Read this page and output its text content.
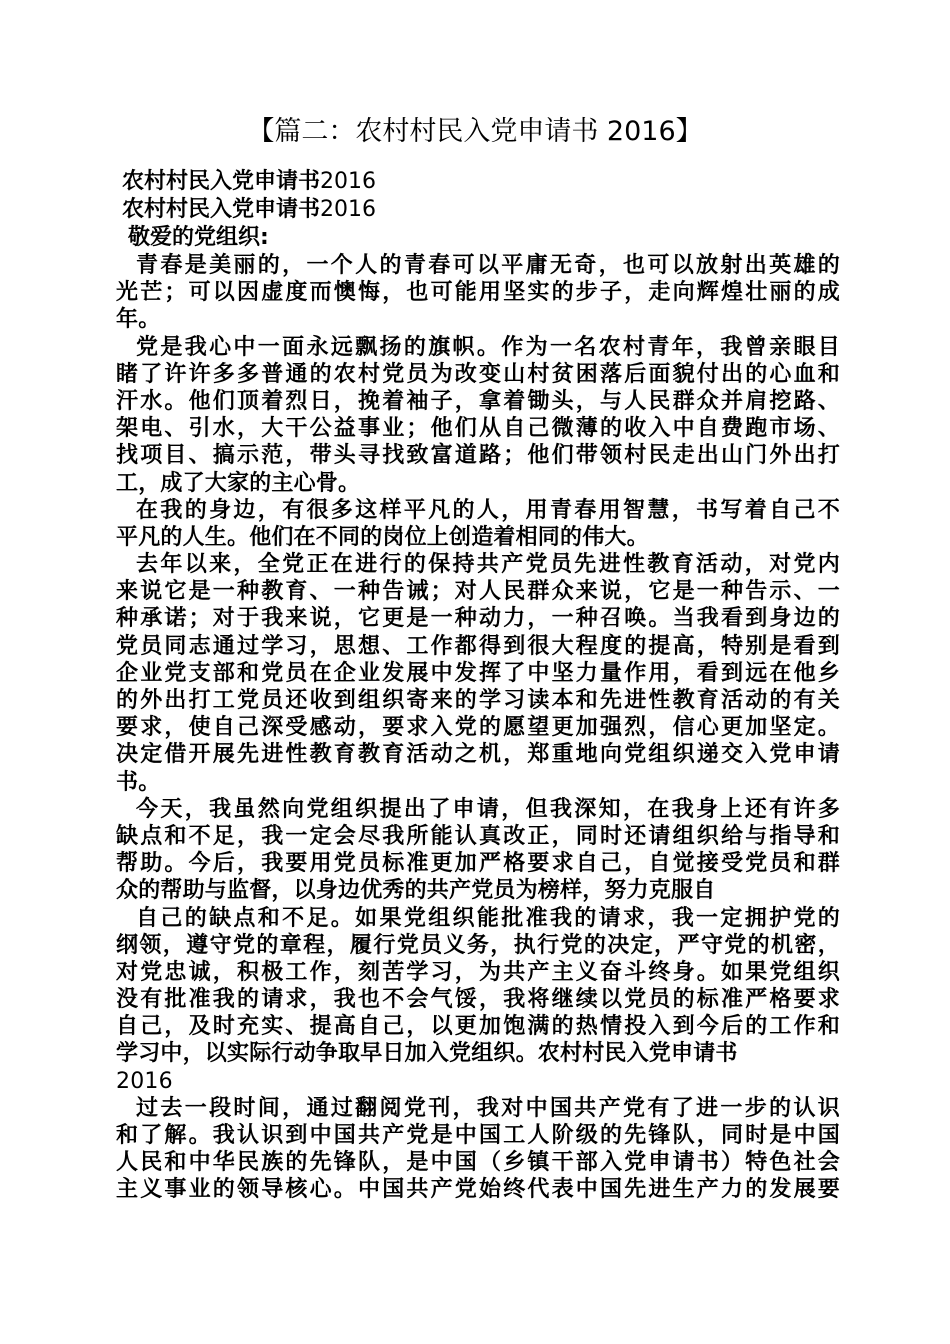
【篇二：农村村民入党申请书 2016】
农村村民入党申请书2016
农村村民入党申请书2016
敬爱的党组织:
青春是美丽的，一个人的青春可以平庸无奇，也可以放射出英雄的
光芒；可以因虚度而懊悔，也可能用坚实的步子，走向辉煌壮丽的成
年。
党是我心中一面永远飘扬的旗帜。作为一名农村青年，我曾亲眼目
睹了许许多多普通的农村党员为改变山村贫困落后面貌付出的心血和
汗水。他们顶着烈日，挽着袖子，拿着锄头，与人民群众并肩挖路、
架电、引水，大干公益事业；他们从自己微薄的收入中自费跑市场、
找项目、搞示范，带头寻找致富道路；他们带领村民走出山门外出打
工，成了大家的主心骨。
在我的身边，有很多这样平凡的人，用青春用智慧，书写着自己不
平凡的人生。他们在不同的岗位上创造着相同的伟大。
去年以来，全党正在进行的保持共产党员先进性教育活动，对党内
来说它是一种教育、一种告诫；对人民群众来说，它是一种告示、一
种承诺；对于我来说，它更是一种动力，一种召唤。当我看到身边的
党员同志通过学习，思想、工作都得到很大程度的提高，特别是看到
企业党支部和党员在企业发展中发挥了中坚力量作用，看到远在他乡
的外出打工党员还收到组织寄来的学习读本和先进性教育活动的有关
要求，使自己深受感动，要求入党的愿望更加强烈，信心更加坚定。
决定借开展先进性教育教育活动之机，郑重地向党组织递交入党申请
书。
今天，我虽然向党组织提出了申请，但我深知，在我身上还有许多
缺点和不足，我一定会尽我所能认真改正，同时还请组织给与指导和
帮助。今后，我要用党员标准更加严格要求自己，自觉接受党员和群
众的帮助与监督，以身边优秀的共产党员为榜样，努力克服自
自己的缺点和不足。如果党组织能批准我的请求，我一定拥护党的
纲领，遵守党的章程，履行党员义务，执行党的决定，严守党的机密，
对党忠诚，积极工作，刻苦学习，为共产主义奋斗终身。如果党组织
没有批准我的请求，我也不会气馁，我将继续以党员的标准严格要求
自己，及时充实、提高自己，以更加饱满的热情投入到今后的工作和
学习中，以实际行动争取早日加入党组织。农村村民入党申请书
2016
过去一段时间，通过翻阅党刊，我对中国共产党有了进一步的认识
和了解。我认识到中国共产党是中国工人阶级的先锋队，同时是中国
人民和中华民族的先锋队，是中国（乡镇干部入党申请书）特色社会
主义事业的领导核心。中国共产党始终代表中国先进生产力的发展要
